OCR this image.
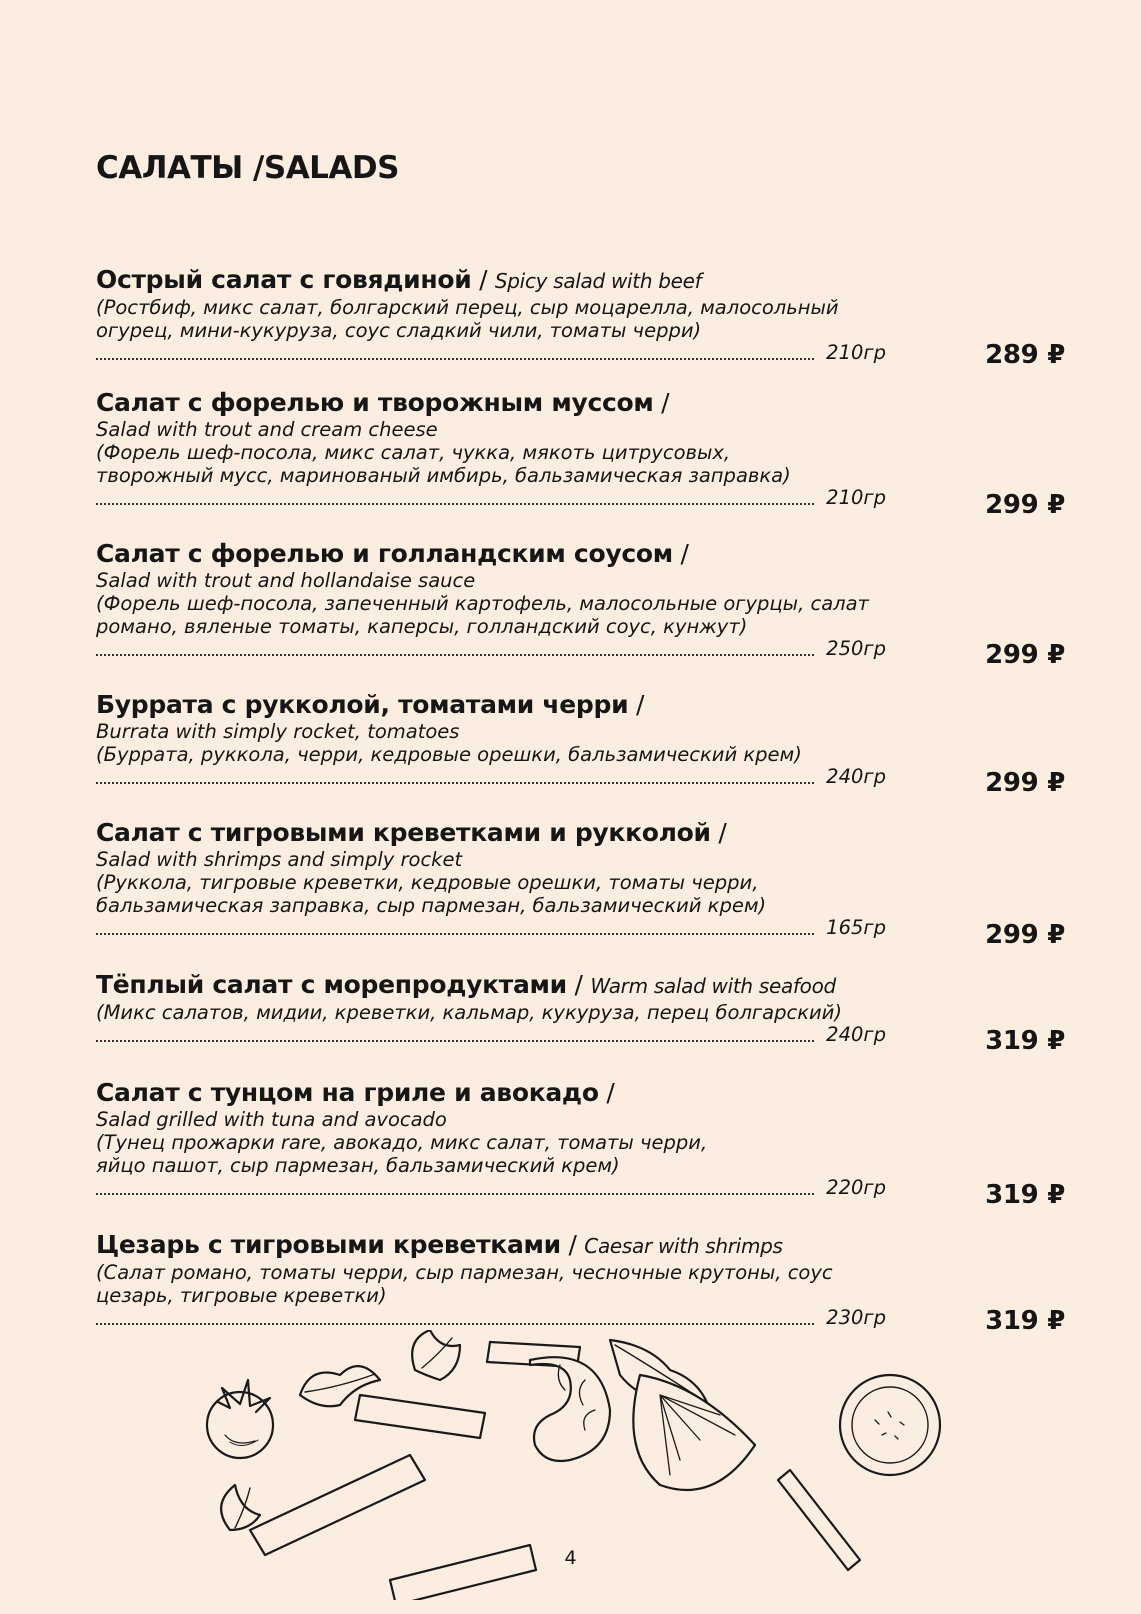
САЛАТЫ /SALADS
Острый салат с говядиной / Spicy salad with beef
(Ростбиф, микс салат, болгарский перец, сыр моцарелла, малосольный
огурец, мини-кукуруза, соус сладкий чили, томаты черри)
210гр	289 ₽
Салат с форелью и творожным муссом /
Salad with trout and cream cheese
(Форель шеф-посола, микс салат, чукка, мякоть цитрусовых,
творожный мусс, маринованый имбирь, бальзамическая заправка)
210гр	299 ₽
Салат с форелью и голландским соусом /
Salad with trout and hollandaise sauce
(Форель шеф-посола, запеченный картофель, малосольные огурцы, салат
романо, вяленые томаты, каперсы, голландский соус, кунжут)
250гр	299 ₽
Буррата с рукколой, томатами черри /
Burrata with simply rocket, tomatoes
(Буррата, руккола, черри, кедровые орешки, бальзамический крем)
240гр	299 ₽
Салат с тигровыми креветками и рукколой /
Salad with shrimps and simply rocket
(Руккола, тигровые креветки, кедровые орешки, томаты черри,
бальзамическая заправка, сыр пармезан, бальзамический крем)
165гр	299 ₽
Тёплый салат с морепродуктами / Warm salad with seafood
(Микс салатов, мидии, креветки, кальмар, кукуруза, перец болгарский)
240гр	319 ₽
Салат с тунцом на гриле и авокадо /
Salad grilled with tuna and avocado
(Тунец прожарки rare, авокадо, микс салат, томаты черри,
яйцо пашот, сыр пармезан, бальзамический крем)
220гр	319 ₽
Цезарь с тигровыми креветками / Caesar with shrimps
(Салат романо, томаты черри, сыр пармезан, чесночные крутоны, соус
цезарь, тигровые креветки)
230гр	319 ₽
4
